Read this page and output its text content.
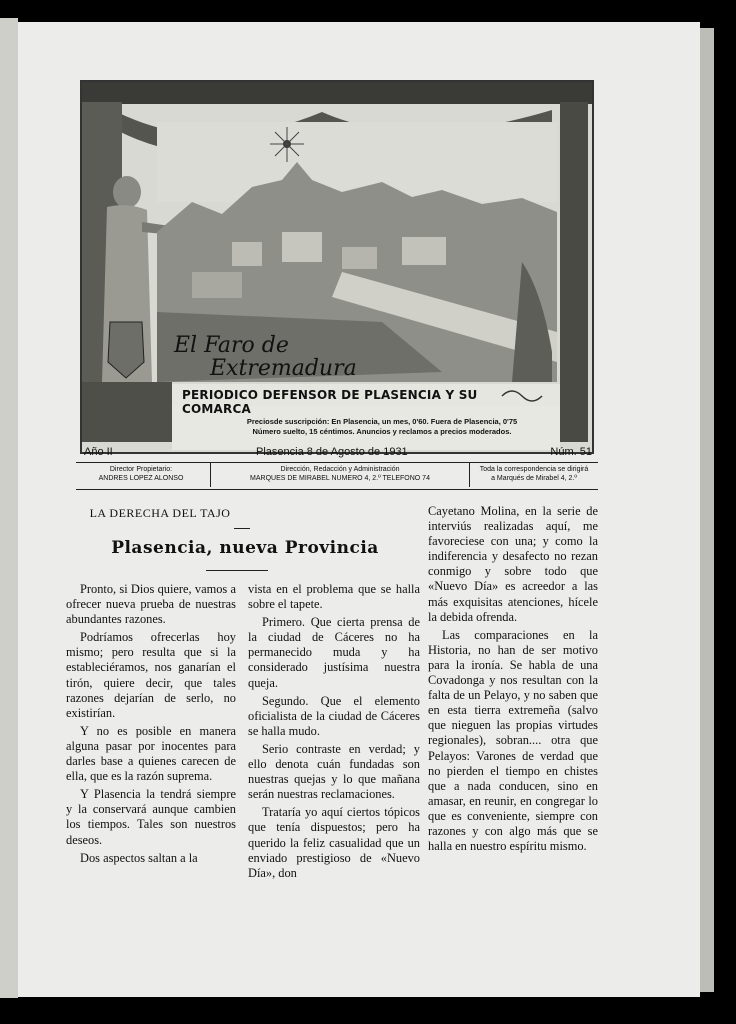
El Faro de
Extremadura
PERIODICO DEFENSOR DE PLASENCIA Y SU COMARCA
Preciosde suscripción: En Plasencia, un mes, 0'60. Fuera de Plasencia, 0'75
Número suelto, 15 céntimos. Anuncios y reclamos a precios moderados.
Año II	Plasencia 8 de Agosto de 1931	Núm. 51
Director Propietario:
ANDRES LOPEZ ALONSO
Dirección, Redacción y Administración
MARQUES DE MIRABEL NUMERO 4, 2.º TELEFONO 74
Toda la correspondencia se dirigirá
a Marqués de Mirabel 4, 2.º
LA DERECHA DEL TAJO
Plasencia, nueva Provincia

Pronto, si Dios quiere, vamos a ofrecer nueva prueba de nuestras abundantes razones.

Podríamos ofrecerlas hoy mismo; pero resulta que si la estableciéramos, nos ganarían el tirón, quiere decir, que tales razones dejarían de serlo, no existirían.

Y no es posible en manera alguna pasar por inocentes para darles base a quienes carecen de ella, que es la razón suprema.

Y Plasencia la tendrá siempre y la conservará aunque cambien los tiempos. Tales son nuestros deseos.

Dos aspectos saltan a la

vista en el problema que se halla sobre el tapete.

Primero. Que cierta prensa de la ciudad de Cáceres no ha permanecido muda y ha considerado justísima nuestra queja.

Segundo. Que el elemento oficialista de la ciudad de Cáceres se halla mudo.

Serio contraste en verdad; y ello denota cuán fundadas son nuestras quejas y lo que mañana serán nuestras reclamaciones.

Trataría yo aquí ciertos tópicos que tenía dispuestos; pero ha querido la feliz casualidad que un enviado prestigioso de «Nuevo Día», don

Cayetano Molina, en la serie de interviús realizadas aquí, me favoreciese con una; y como la indiferencia y desafecto no rezan conmigo y sobre todo que «Nuevo Día» es acreedor a las más exquisitas atenciones, hícele la debida ofrenda.

Las comparaciones en la Historia, no han de ser motivo para la ironía. Se habla de una Covadonga y nos resultan con la falta de un Pelayo, y no saben que en esta tierra extremeña (salvo que nieguen las propias virtudes regionales), sobran.... otra que Pelayos: Varones de verdad que no pierden el tiempo en chistes que a nada conducen, sino en amasar, en reunir, en congregar lo que es conveniente, siempre con razones y con algo más que se halla en nuestro espíritu mismo.
